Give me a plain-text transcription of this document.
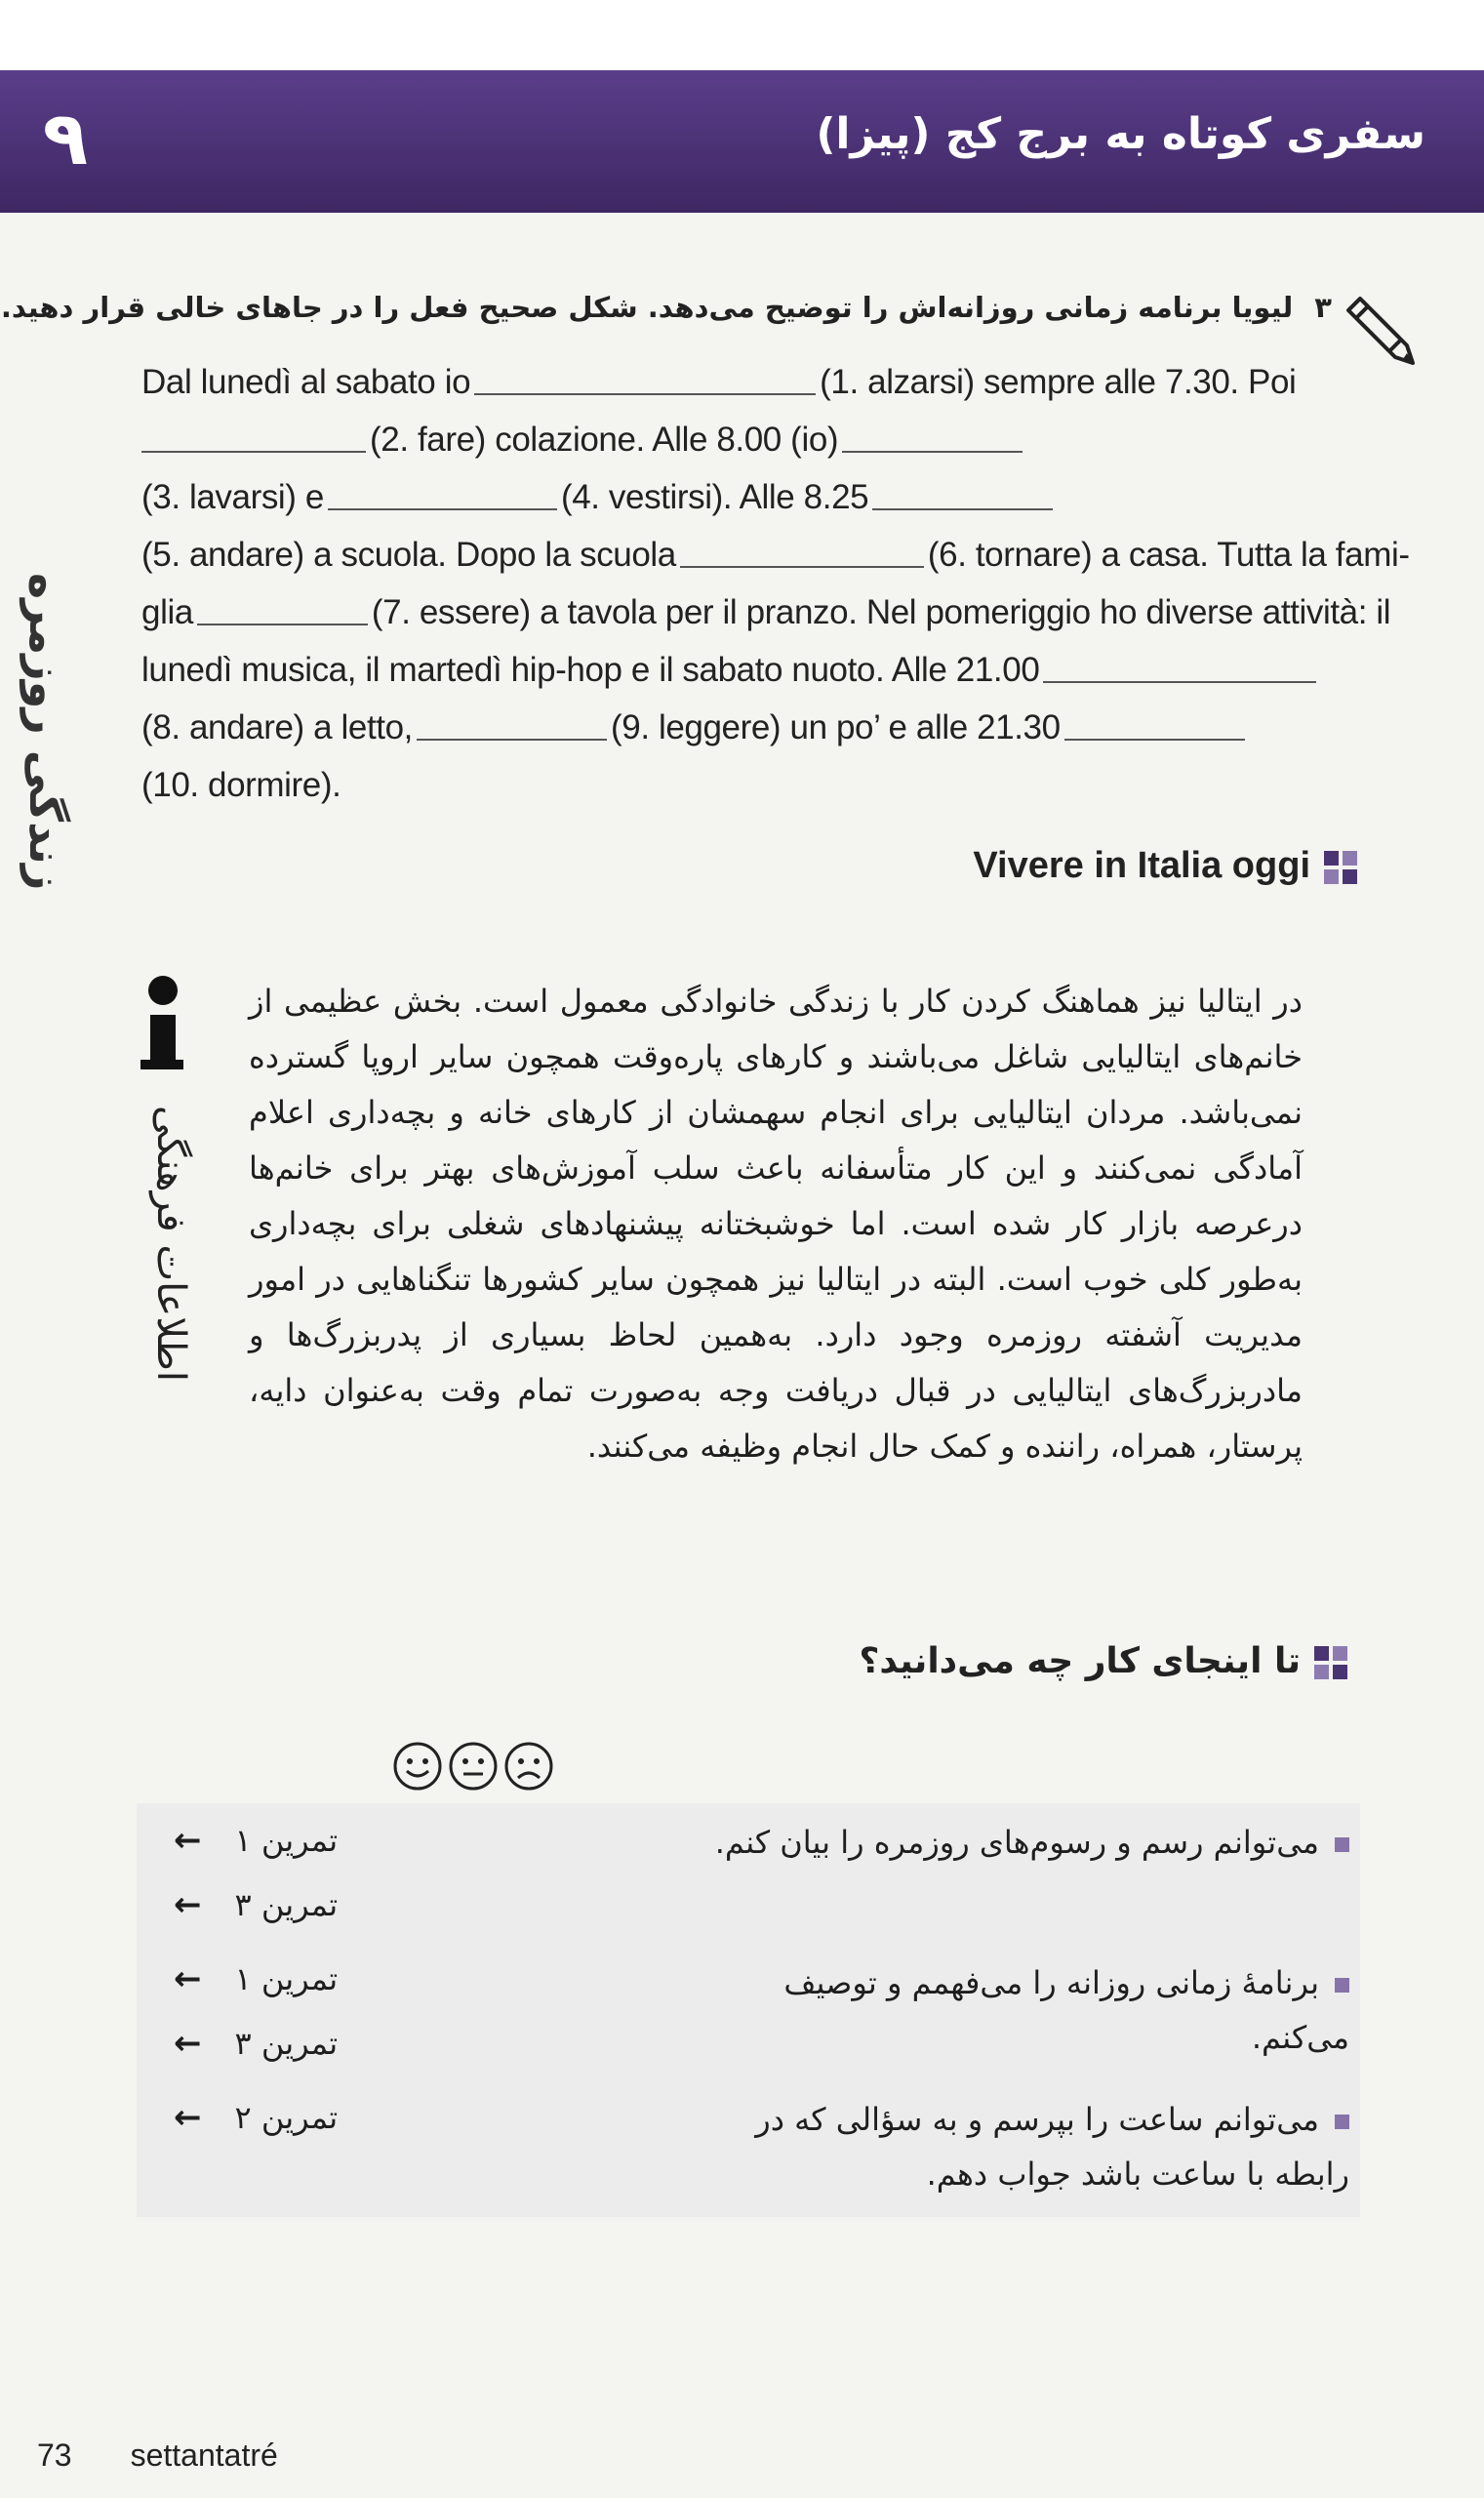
۹	سفری کوتاه به برج کج (پیزا)
زندگی روزمره
۳لیویا برنامه زمانی روزانه‌اش را توضیح می‌دهد. شکل صحیح فعل را در جاهای خالی قرار دهید.
Dal lunedì al sabato io	(1. alzarsi) sempre alle 7.30. Poi
(2. fare) colazione. Alle 8.00 (io)
(3. lavarsi) e	(4. vestirsi). Alle 8.25
(5. andare) a scuola. Dopo la scuola	(6. tornare) a casa. Tutta la fami-
glia	(7. essere) a tavola per il pranzo. Nel pomeriggio ho diverse attività: il
lunedì musica, il martedì hip-hop e il sabato nuoto. Alle 21.00
(8. andare) a letto,	(9. leggere) un po’ e alle 21.30
(10. dormire).
Vivere in Italia oggi
اطلاعات فرهنگی
در ایتالیا نیز هماهنگ کردن کار با زندگی خانوادگی معمول است. بخش عظیمی از خانم‌های ایتالیایی شاغل می‌باشند و کارهای پاره‌وقت همچون سایر اروپا گسترده نمی‌باشد. مردان ایتالیایی برای انجام سهمشان از کارهای خانه و بچه‌داری اعلام آمادگی نمی‌کنند و این کار متأسفانه باعث سلب آموزش‌های بهتر برای خانم‌ها درعرصه بازار کار شده است. اما خوشبختانه پیشنهادهای شغلی برای بچه‌داری به‌طور کلی خوب است. البته در ایتالیا نیز همچون سایر کشورها تنگناهایی در امور مدیریت آشفته روزمره وجود دارد. به‌همین لحاظ بسیاری از پدربزرگ‌ها و مادربزرگ‌های ایتالیایی در قبال دریافت وجه به‌صورت تمام وقت به‌عنوان دایه، پرستار، همراه، راننده و کمک حال انجام وظیفه می‌کنند.
تا اینجای کار چه می‌دانید؟
می‌توانم رسم و رسوم‌های روزمره را بیان کنم.
تمرین ۱←
تمرین ۳←
برنامهٔ زمانی روزانه را می‌فهمم و توصیف می‌کنم.
تمرین ۱←
تمرین ۳←
می‌توانم ساعت را بپرسم و به سؤالی که در رابطه با ساعت باشد جواب دهم.
تمرین ۲←
73 settantatré
